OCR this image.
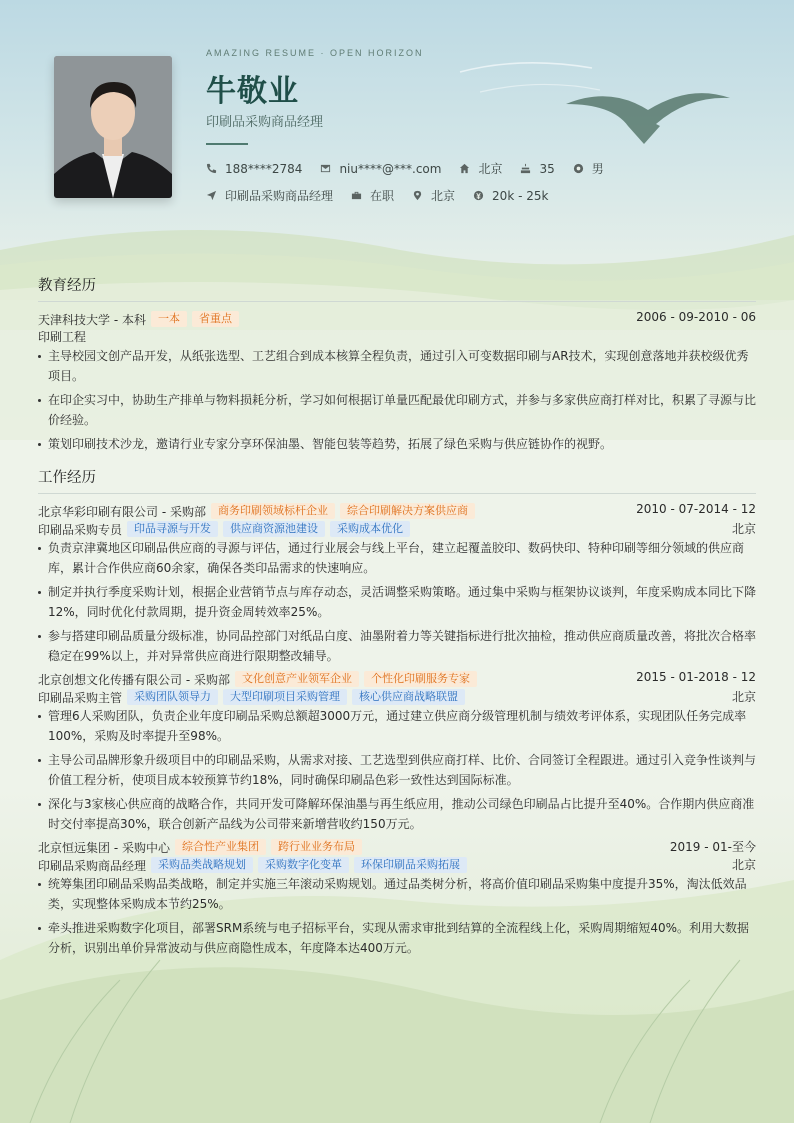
AMAZING RESUME · OPEN HORIZON
牛敬业
印刷品采购商品经理
188****2784	niu****@***.com	北京	35	男
印刷品采购商品经理	在职	北京	20k - 25k
教育经历
天津科技大学 - 本科	一本	省重点	2006 - 09-2010 - 06
印刷工程
主导校园文创产品开发，从纸张选型、工艺组合到成本核算全程负责，通过引入可变数据印刷与AR技术，实现创意落地并获校级优秀项目。
在印企实习中，协助生产排单与物料损耗分析，学习如何根据订单量匹配最优印刷方式，并参与多家供应商打样对比，积累了寻源与比价经验。
策划印刷技术沙龙，邀请行业专家分享环保油墨、智能包装等趋势，拓展了绿色采购与供应链协作的视野。
工作经历
北京华彩印刷有限公司 - 采购部	商务印刷领域标杆企业	综合印刷解决方案供应商	2010 - 07-2014 - 12
印刷品采购专员	印品寻源与开发	供应商资源池建设	采购成本优化	北京
负责京津冀地区印刷品供应商的寻源与评估，通过行业展会与线上平台，建立起覆盖胶印、数码快印、特种印刷等细分领域的供应商库，累计合作供应商60余家，确保各类印品需求的快速响应。
制定并执行季度采购计划，根据企业营销节点与库存动态，灵活调整采购策略。通过集中采购与框架协议谈判，年度采购成本同比下降12%，同时优化付款周期，提升资金周转效率25%。
参与搭建印刷品质量分级标准，协同品控部门对纸品白度、油墨附着力等关键指标进行批次抽检，推动供应商质量改善，将批次合格率稳定在99%以上，并对异常供应商进行限期整改辅导。
北京创想文化传播有限公司 - 采购部	文化创意产业领军企业	个性化印刷服务专家	2015 - 01-2018 - 12
印刷品采购主管	采购团队领导力	大型印刷项目采购管理	核心供应商战略联盟	北京
管理6人采购团队，负责企业年度印刷品采购总额超3000万元，通过建立供应商分级管理机制与绩效考评体系，实现团队任务完成率100%，采购及时率提升至98%。
主导公司品牌形象升级项目中的印刷品采购，从需求对接、工艺选型到供应商打样、比价、合同签订全程跟进。通过引入竞争性谈判与价值工程分析，使项目成本较预算节约18%，同时确保印刷品色彩一致性达到国际标准。
深化与3家核心供应商的战略合作，共同开发可降解环保油墨与再生纸应用，推动公司绿色印刷品占比提升至40%。合作期内供应商准时交付率提高30%，联合创新产品线为公司带来新增营收约150万元。
北京恒远集团 - 采购中心	综合性产业集团	跨行业业务布局	2019 - 01-至今
印刷品采购商品经理	采购品类战略规划	采购数字化变革	环保印刷品采购拓展	北京
统筹集团印刷品采购品类战略，制定并实施三年滚动采购规划。通过品类树分析，将高价值印刷品采购集中度提升35%，淘汰低效品类，实现整体采购成本节约25%。
牵头推进采购数字化项目，部署SRM系统与电子招标平台，实现从需求审批到结算的全流程线上化，采购周期缩短40%。利用大数据分析，识别出单价异常波动与供应商隐性成本，年度降本达400万元。
